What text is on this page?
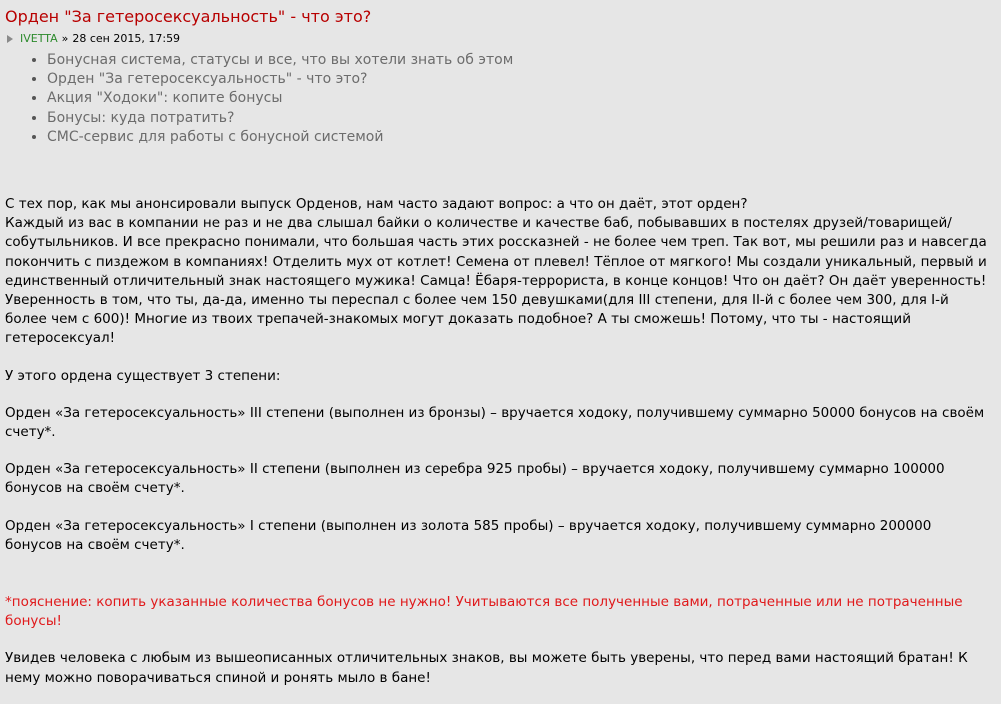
Орден "За гетеросексуальность" - что это?
IVETTA » 28 сен 2015, 17:59
• Бонусная система, статусы и все, что вы хотели знать об этом
• Орден "За гетеросексуальность" - что это?
• Акция "Ходоки": копите бонусы
• Бонусы: куда потратить?
• СМС-сервис для работы с бонусной системой

С тех пор, как мы анонсировали выпуск Орденов, нам часто задают вопрос: а что он даёт, этот орден?
Каждый из вас в компании не раз и не два слышал байки о количестве и качестве баб, побывавших в постелях друзей/товарищей/собутыльников. И все прекрасно понимали, что большая часть этих россказней - не более чем треп. Так вот, мы решили раз и навсегда покончить с пиздежом в компаниях! Отделить мух от котлет! Семена от плевел! Тёплое от мягкого! Мы создали уникальный, первый и единственный отличительный знак настоящего мужика! Самца! Ёбаря-террориста, в конце концов! Что он даёт? Он даёт уверенность! Уверенность в том, что ты, да-да, именно ты переспал с более чем 150 девушками(для III степени, для II-й с более чем 300, для I-й более чем с 600)! Многие из твоих трепачей-знакомых могут доказать подобное? А ты сможешь! Потому, что ты - настоящий гетеросексуал!

У этого ордена существует 3 степени:

Орден «За гетеросексуальность» III степени (выполнен из бронзы) – вручается ходоку, получившему суммарно 50000 бонусов на своём счету*.

Орден «За гетеросексуальность» II степени (выполнен из серебра 925 пробы) – вручается ходоку, получившему суммарно 100000 бонусов на своём счету*.

Орден «За гетеросексуальность» I степени (выполнен из золота 585 пробы) – вручается ходоку, получившему суммарно 200000 бонусов на своём счету*.

*пояснение: копить указанные количества бонусов не нужно! Учитываются все полученные вами, потраченные или не потраченные бонусы!

Увидев человека с любым из вышеописанных отличительных знаков, вы можете быть уверены, что перед вами настоящий братан! К нему можно поворачиваться спиной и ронять мыло в бане!
